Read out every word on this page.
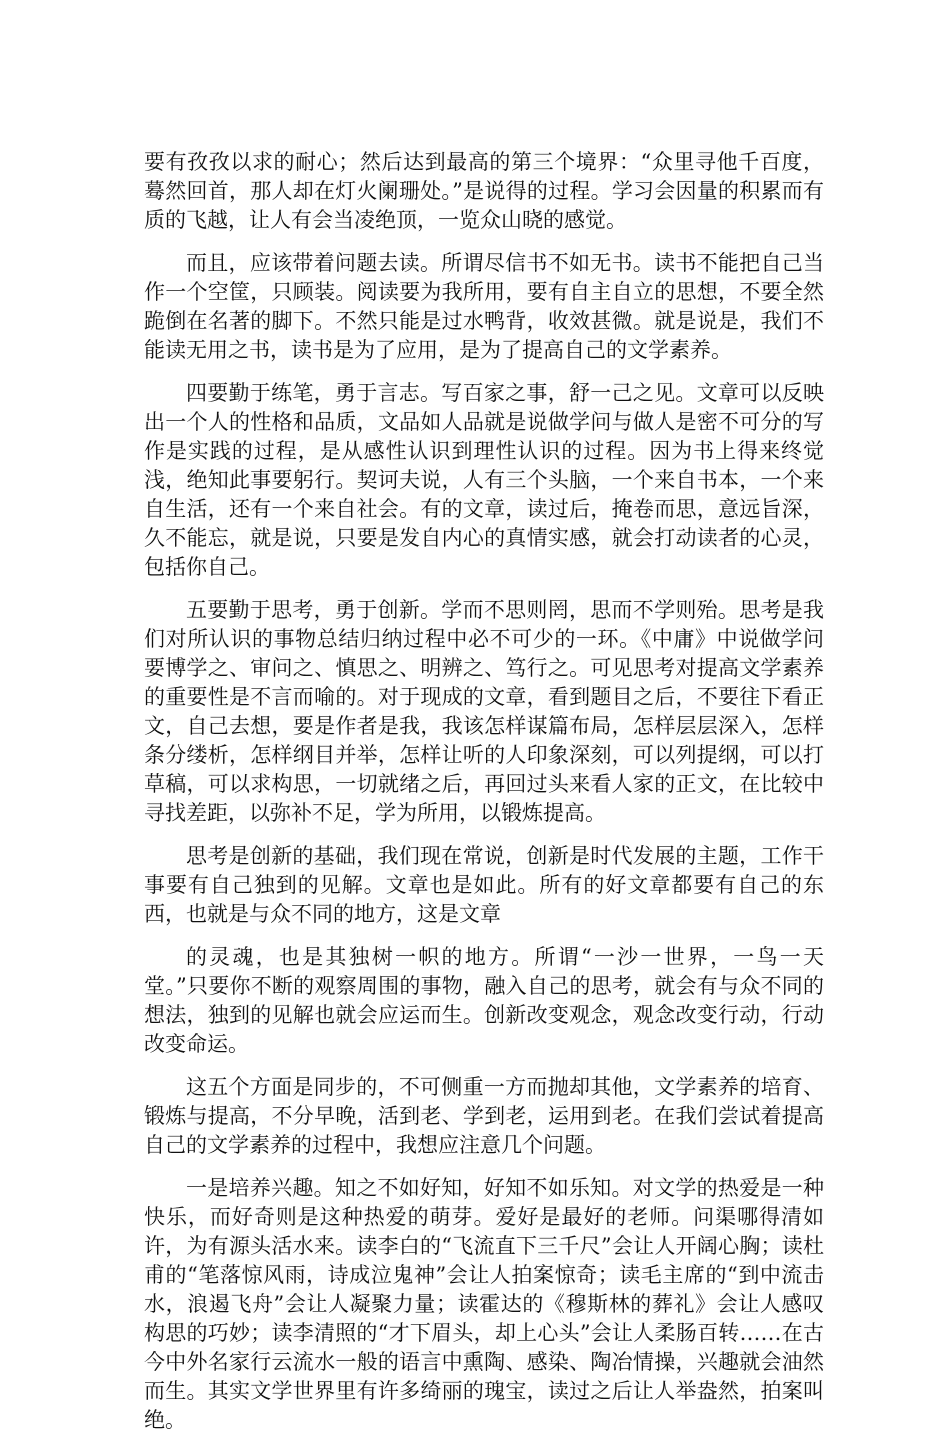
要有孜孜以求的耐心；然后达到最高的第三个境界：“众里寻他千百度，蓦然回首，那人却在灯火阑珊处。”是说得的过程。学习会因量的积累而有质的飞越，让人有会当凌绝顶，一览众山晓的感觉。

而且，应该带着问题去读。所谓尽信书不如无书。读书不能把自己当作一个空筐，只顾装。阅读要为我所用，要有自主自立的思想，不要全然跪倒在名著的脚下。不然只能是过水鸭背，收效甚微。就是说是，我们不能读无用之书，读书是为了应用，是为了提高自己的文学素养。

四要勤于练笔，勇于言志。写百家之事，舒一己之见。文章可以反映出一个人的性格和品质，文品如人品就是说做学问与做人是密不可分的写作是实践的过程，是从感性认识到理性认识的过程。因为书上得来终觉浅，绝知此事要躬行。契诃夫说，人有三个头脑，一个来自书本，一个来自生活，还有一个来自社会。有的文章，读过后，掩卷而思，意远旨深，久不能忘，就是说，只要是发自内心的真情实感，就会打动读者的心灵，包括你自己。

五要勤于思考，勇于创新。学而不思则罔，思而不学则殆。思考是我们对所认识的事物总结归纳过程中必不可少的一环。《中庸》中说做学问要博学之、审问之、慎思之、明辨之、笃行之。可见思考对提高文学素养的重要性是不言而喻的。对于现成的文章，看到题目之后，不要往下看正文，自己去想，要是作者是我，我该怎样谋篇布局，怎样层层深入，怎样条分缕析，怎样纲目并举，怎样让听的人印象深刻，可以列提纲，可以打草稿，可以求构思，一切就绪之后，再回过头来看人家的正文，在比较中寻找差距，以弥补不足，学为所用，以锻炼提高。

思考是创新的基础，我们现在常说，创新是时代发展的主题，工作干事要有自己独到的见解。文章也是如此。所有的好文章都要有自己的东西，也就是与众不同的地方，这是文章

的灵魂，也是其独树一帜的地方。所谓“一沙一世界，一鸟一天堂。”只要你不断的观察周围的事物，融入自己的思考，就会有与众不同的想法，独到的见解也就会应运而生。创新改变观念，观念改变行动，行动改变命运。

这五个方面是同步的，不可侧重一方而抛却其他，文学素养的培育、锻炼与提高，不分早晚，活到老、学到老，运用到老。在我们尝试着提高自己的文学素养的过程中，我想应注意几个问题。

一是培养兴趣。知之不如好知，好知不如乐知。对文学的热爱是一种快乐，而好奇则是这种热爱的萌芽。爱好是最好的老师。问渠哪得清如许，为有源头活水来。读李白的“飞流直下三千尺”会让人开阔心胸；读杜甫的“笔落惊风雨，诗成泣鬼神”会让人拍案惊奇；读毛主席的“到中流击水，浪遏飞舟”会让人凝聚力量；读霍达的《穆斯林的葬礼》会让人感叹构思的巧妙；读李清照的“才下眉头，却上心头”会让人柔肠百转……在古今中外名家行云流水一般的语言中熏陶、感染、陶冶情操，兴趣就会油然而生。其实文学世界里有许多绮丽的瑰宝，读过之后让人举盎然，拍案叫绝。
